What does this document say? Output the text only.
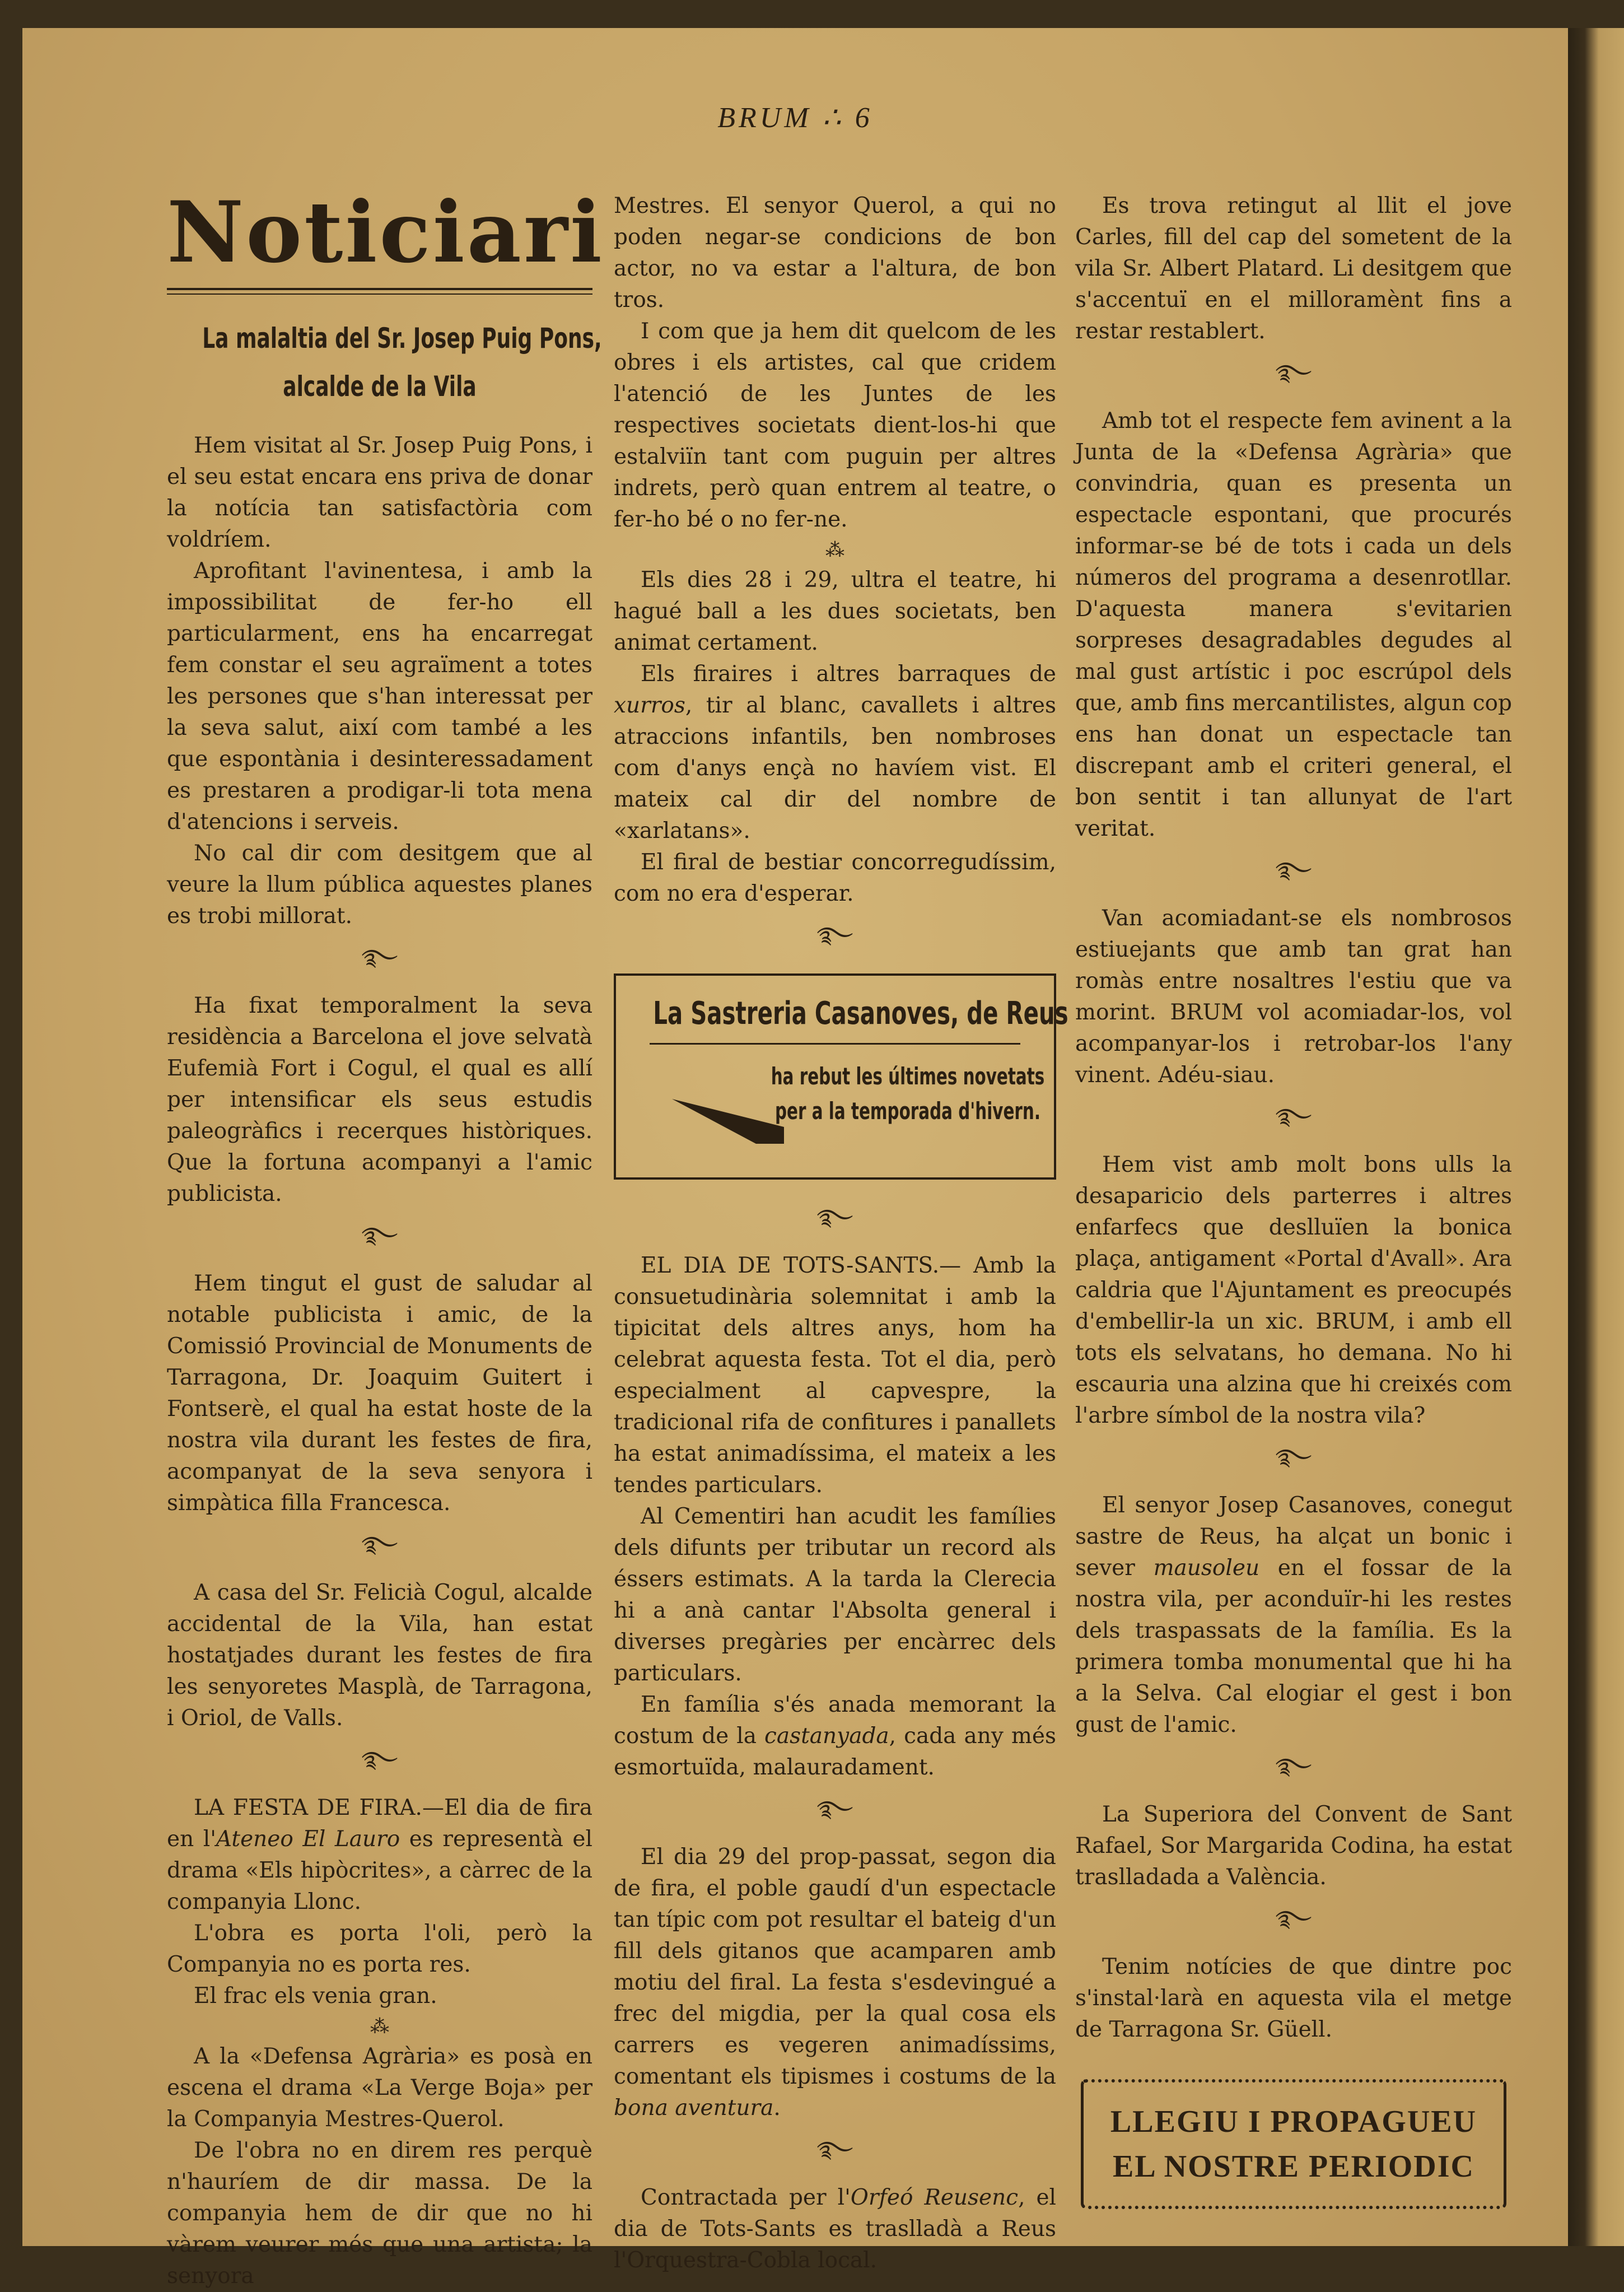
BRUM ∴ 6
Noticiari
La malaltia del Sr. Josep Puig Pons,
alcalde de la Vila

Hem visitat al Sr. Josep Puig Pons, i el seu estat encara ens priva de donar la notícia tan satisfactòria com voldríem.

Aprofitant l'avinentesa, i amb la impossibilitat de fer-ho ell particularment, ens ha encarregat fem constar el seu agraïment a totes les persones que s'han interessat per la seva salut, així com també a les que espontània i desinteressadament es prestaren a prodigar-li tota mena d'atencions i serveis.

No cal dir com desitgem que al veure la llum pública aquestes planes es trobi millorat.

࿐

Ha fixat temporalment la seva residència a Barcelona el jove selvatà Eufemià Fort i Cogul, el qual es allí per intensificar els seus estudis paleogràfics i recerques històriques. Que la fortuna acompanyi a l'amic publicista.

࿐

Hem tingut el gust de saludar al notable publicista i amic, de la Comissió Provincial de Monuments de Tarragona, Dr. Joaquim Guitert i Fontserè, el qual ha estat hoste de la nostra vila durant les festes de fira, acompanyat de la seva senyora i simpàtica filla Francesca.

࿐

A casa del Sr. Felicià Cogul, alcalde accidental de la Vila, han estat hostatjades durant les festes de fira les senyoretes Masplà, de Tarragona, i Oriol, de Valls.

࿐

LA FESTA DE FIRA.—El dia de fira en l'Ateneo El Lauro es representà el drama «Els hipòcrites», a càrrec de la companyia Llonc.

L'obra es porta l'oli, però la Companyia no es porta res.

El frac els venia gran.

⁂

A la «Defensa Agrària» es posà en escena el drama «La Verge Boja» per la Companyia Mestres-Querol.

De l'obra no en direm res perquè n'hauríem de dir massa. De la companyia hem de dir que no hi vàrem veurer més que una artista; la senyora

Mestres. El senyor Querol, a qui no poden negar-se condicions de bon actor, no va estar a l'altura, de bon tros.

I com que ja hem dit quelcom de les obres i els artistes, cal que cridem l'atenció de les Juntes de les respectives societats dient-los-hi que estalviïn tant com puguin per altres indrets, però quan entrem al teatre, o fer-ho bé o no fer-ne.

⁂

Els dies 28 i 29, ultra el teatre, hi hagué ball a les dues societats, ben animat certament.

Els firaires i altres barraques de xurros, tir al blanc, cavallets i altres atraccions infantils, ben nombroses com d'anys ençà no havíem vist. El mateix cal dir del nombre de «xarlatans».

El firal de bestiar concorregudíssim, com no era d'esperar.

࿐
La Sastreria Casanoves, de Reus
ha rebut les últimes novetats
per a la temporada d'hivern.
࿐

EL DIA DE TOTS-SANTS.— Amb la consuetudinària solemnitat i amb la tipicitat dels altres anys, hom ha celebrat aquesta festa. Tot el dia, però especialment al capvespre, la tradicional rifa de confitures i panallets ha estat animadíssima, el mateix a les tendes particulars.

Al Cementiri han acudit les famílies dels difunts per tributar un record als éssers estimats. A la tarda la Clerecia hi a anà cantar l'Absolta general i diverses pregàries per encàrrec dels particulars.

En família s'és anada memorant la costum de la castanyada, cada any més esmortuïda, malauradament.

࿐

El dia 29 del prop-passat, segon dia de fira, el poble gaudí d'un espectacle tan típic com pot resultar el bateig d'un fill dels gitanos que acamparen amb motiu del firal. La festa s'esdevingué a frec del migdia, per la qual cosa els carrers es vegeren animadíssims, comentant els tipismes i costums de la bona aventura.

࿐

Contractada per l'Orfeó Reusenc, el dia de Tots-Sants es traslladà a Reus l'Orquestra-Cobla local.

Es trova retingut al llit el jove Carles, fill del cap del sometent de la vila Sr. Albert Platard. Li desitgem que s'accentuï en el milloramènt fins a restar restablert.

࿐

Amb tot el respecte fem avinent a la Junta de la «Defensa Agrària» que convindria, quan es presenta un espectacle espontani, que procurés informar-se bé de tots i cada un dels números del programa a desenrotllar. D'aquesta manera s'evitarien sorpreses desagradables degudes al mal gust artístic i poc escrúpol dels que, amb fins mercantilistes, algun cop ens han donat un espectacle tan discrepant amb el criteri general, el bon sentit i tan allunyat de l'art veritat.

࿐

Van acomiadant-se els nombrosos estiuejants que amb tan grat han romàs entre nosaltres l'estiu que va morint. BRUM vol acomiadar-los, vol acompanyar-los i retrobar-los l'any vinent. Adéu-siau.

࿐

Hem vist amb molt bons ulls la desaparicio dels parterres i altres enfarfecs que deslluïen la bonica plaça, antigament «Portal d'Avall». Ara caldria que l'Ajuntament es preocupés d'embellir-la un xic. BRUM, i amb ell tots els selvatans, ho demana. No hi escauria una alzina que hi creixés com l'arbre símbol de la nostra vila?

࿐

El senyor Josep Casanoves, conegut sastre de Reus, ha alçat un bonic i sever mausoleu en el fossar de la nostra vila, per aconduïr-hi les restes dels traspassats de la família. Es la primera tomba monumental que hi ha a la Selva. Cal elogiar el gest i bon gust de l'amic.

࿐

La Superiora del Convent de Sant Rafael, Sor Margarida Codina, ha estat traslladada a València.

࿐

Tenim notícies de que dintre poc s'instal·larà en aquesta vila el metge de Tarragona Sr. Güell.

LLEGIU I PROPAGUEU
EL NOSTRE PERIODIC
